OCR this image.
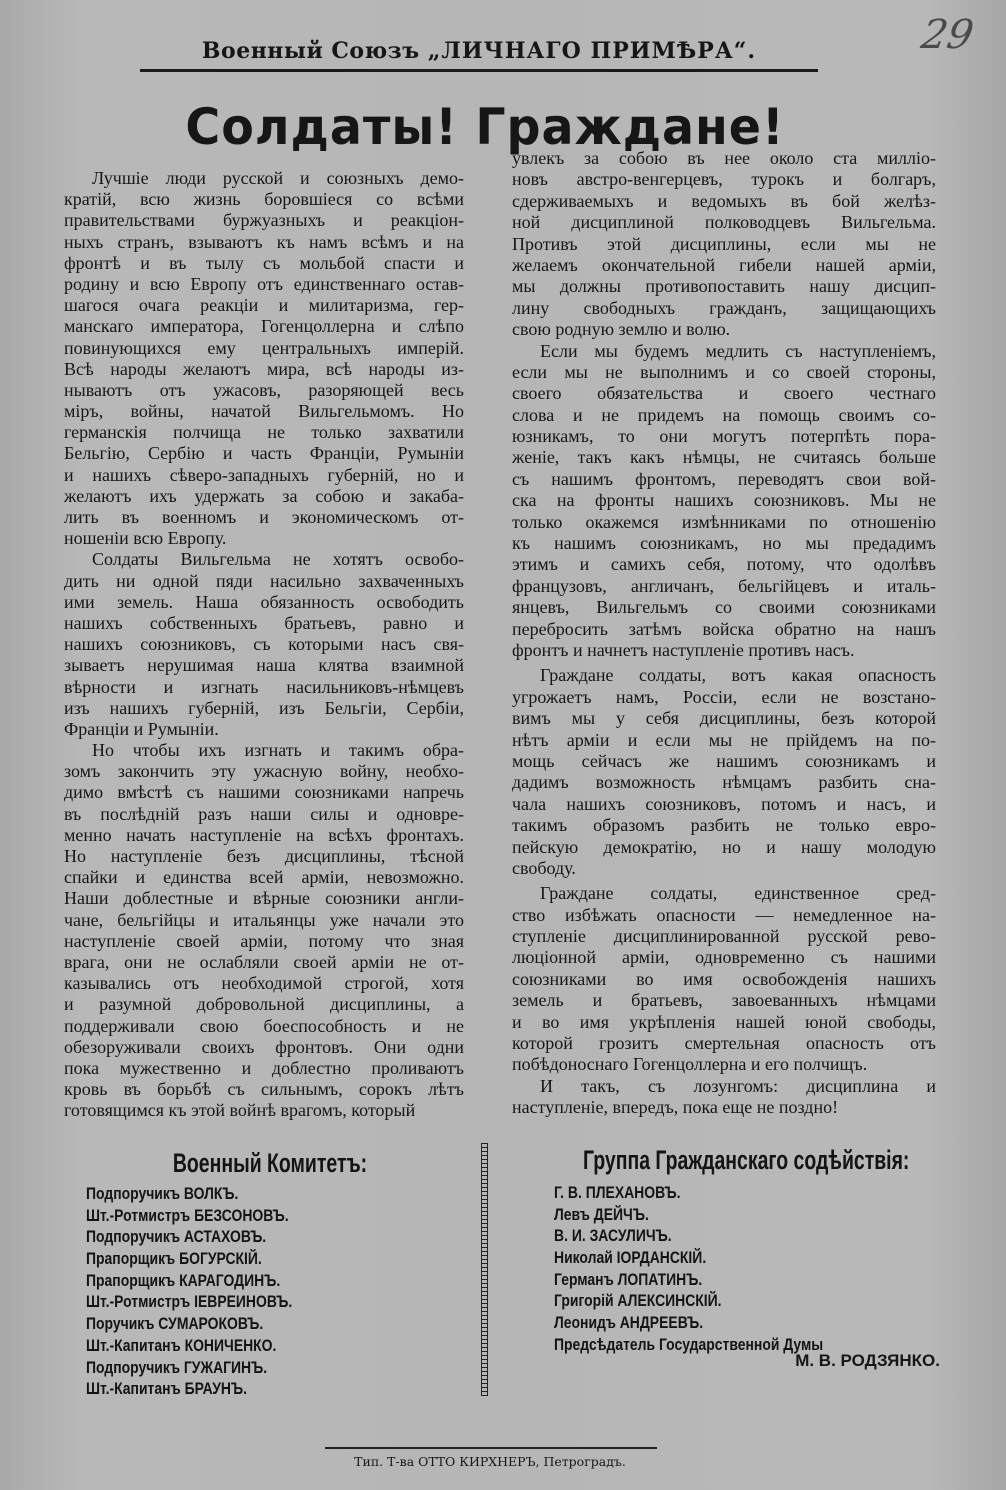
29
Военный Союзъ „ЛИЧНАГО ПРИМѢРА“.
Солдаты! Граждане!
Лучшіе люди русской и союзныхъ демо-
кратій, всю жизнь боровшіеся со всѣми
правительствами буржуазныхъ и реакціон-
ныхъ странъ, взываютъ къ намъ всѣмъ и на
фронтѣ и въ тылу съ мольбой спасти и
родину и всю Европу отъ единственнаго остав-
шагося очага реакціи и милитаризма, гер-
манскаго императора, Гогенцоллерна и слѣпо
повинующихся ему центральныхъ имперій.
Всѣ народы желаютъ мира, всѣ народы из-
нываютъ отъ ужасовъ, разоряющей весь
міръ, войны, начатой Вильгельмомъ. Но
германскія полчища не только захватили
Бельгію, Сербію и часть Франціи, Румыніи
и нашихъ сѣверо-западныхъ губерній, но и
желаютъ ихъ удержать за собою и закаба-
лить въ военномъ и экономическомъ от-
ношеніи всю Европу.
Солдаты Вильгельма не хотятъ освобо-
дить ни одной пяди насильно захваченныхъ
ими земель. Наша обязанность освободить
нашихъ собственныхъ братьевъ, равно и
нашихъ союзниковъ, съ которыми насъ свя-
зываетъ нерушимая наша клятва взаимной
вѣрности и изгнать насильниковъ-нѣмцевъ
изъ нашихъ губерній, изъ Бельгіи, Сербіи,
Франціи и Румыніи.
Но чтобы ихъ изгнать и такимъ обра-
зомъ закончить эту ужасную войну, необхо-
димо вмѣстѣ съ нашими союзниками напречь
въ послѣдній разъ наши силы и одновре-
менно начать наступленіе на всѣхъ фронтахъ.
Но наступленіе безъ дисциплины, тѣсной
спайки и единства всей арміи, невозможно.
Наши доблестные и вѣрные союзники англи-
чане, бельгійцы и итальянцы уже начали это
наступленіе своей арміи, потому что зная
врага, они не ослабляли своей арміи не от-
казывались отъ необходимой строгой, хотя
и разумной добровольной дисциплины, а
поддерживали свою боеспособность и не
обезоруживали своихъ фронтовъ. Они одни
пока мужественно и доблестно проливаютъ
кровь въ борьбѣ съ сильнымъ, сорокъ лѣтъ
готовящимся къ этой войнѣ врагомъ, который
увлекъ за собою въ нее около ста милліо-
новъ австро-венгерцевъ, турокъ и болгаръ,
сдерживаемыхъ и ведомыхъ въ бой желѣз-
ной дисциплиной полководцевъ Вильгельма.
Противъ этой дисциплины, если мы не
желаемъ окончательной гибели нашей арміи,
мы должны противопоставить нашу дисцип-
лину свободныхъ гражданъ, защищающихъ
свою родную землю и волю.
Если мы будемъ медлить съ наступленіемъ,
если мы не выполнимъ и со своей стороны,
своего обязательства и своего честнаго
слова и не придемъ на помощь своимъ со-
юзникамъ, то они могутъ потерпѣть пора-
женіе, такъ какъ нѣмцы, не считаясь больше
съ нашимъ фронтомъ, переводятъ свои вой-
ска на фронты нашихъ союзниковъ. Мы не
только окажемся измѣнниками по отношенію
къ нашимъ союзникамъ, но мы предадимъ
этимъ и самихъ себя, потому, что одолѣвъ
французовъ, англичанъ, бельгійцевъ и италь-
янцевъ, Вильгельмъ со своими союзниками
перебросить затѣмъ войска обратно на нашъ
фронтъ и начнетъ наступленіе противъ насъ.
Граждане солдаты, вотъ какая опасность
угрожаетъ намъ, Россіи, если не возстано-
вимъ мы у себя дисциплины, безъ которой
нѣтъ арміи и если мы не прійдемъ на по-
мощь сейчасъ же нашимъ союзникамъ и
дадимъ возможность нѣмцамъ разбить сна-
чала нашихъ союзниковъ, потомъ и насъ, и
такимъ образомъ разбить не только евро-
пейскую демократію, но и нашу молодую
свободу.
Граждане солдаты, единственное сред-
ство избѣжать опасности — немедленное на-
ступленіе дисциплинированной русской рево-
люціонной арміи, одновременно съ нашими
союзниками во имя освобожденія нашихъ
земель и братьевъ, завоеванныхъ нѣмцами
и во имя укрѣпленія нашей юной свободы,
которой грозитъ смертельная опасность отъ
побѣдоноснаго Гогенцоллерна и его полчищъ.
И такъ, съ лозунгомъ: дисциплина и
наступленіе, впередъ, пока еще не поздно!
Военный Комитетъ:
Подпоручикъ ВОЛКЪ.
Шт.-Ротмистръ БЕЗСОНОВЪ.
Подпоручикъ АСТАХОВЪ.
Прапорщикъ БОГУРСКІЙ.
Прапорщикъ КАРАГОДИНЪ.
Шт.-Ротмистръ ІЕВРЕИНОВЪ.
Поручикъ СУМАРОКОВЪ.
Шт.-Капитанъ КОНИЧЕНКО.
Подпоручикъ ГУЖАГИНЪ.
Шт.-Капитанъ БРАУНЪ.
Группа Гражданскаго содѣйствія:
Г. В. ПЛЕХАНОВЪ.
Левъ ДЕЙЧЪ.
В. И. ЗАСУЛИЧЪ.
Николай ІОРДАНСКІЙ.
Германъ ЛОПАТИНЪ.
Григорій АЛЕКСИНСКІЙ.
Леонидъ АНДРЕЕВЪ.
Предсѣдатель Государственной Думы
М. В. РОДЗЯНКО.
Тип. Т-ва ОТТО КИРХНЕРЪ, Петроградъ.
